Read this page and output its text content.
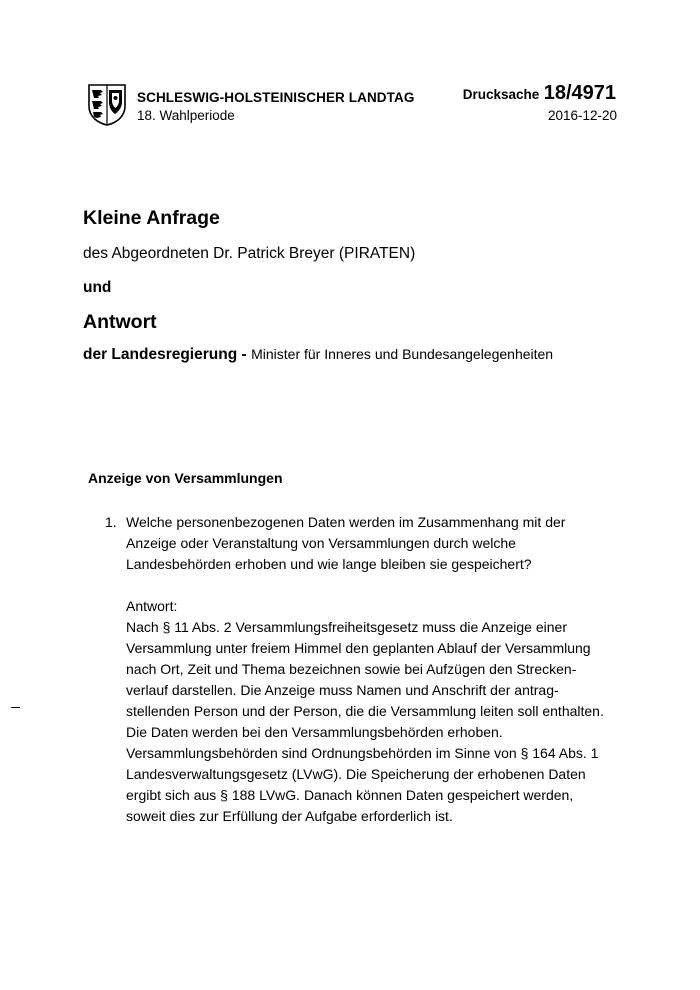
SCHLESWIG-HOLSTEINISCHER LANDTAG
18. Wahlperiode
Drucksache 18/4971
2016-12-20
Kleine Anfrage
des Abgeordneten Dr. Patrick Breyer (PIRATEN)
und
Antwort
der Landesregierung - Minister für Inneres und Bundesangelegenheiten
Anzeige von Versammlungen
1. Welche personenbezogenen Daten werden im Zusammenhang mit der
Anzeige oder Veranstaltung von Versammlungen durch welche
Landesbehörden erhoben und wie lange bleiben sie gespeichert?
Antwort:
Nach § 11 Abs. 2 Versammlungsfreiheitsgesetz muss die Anzeige einer
Versammlung unter freiem Himmel den geplanten Ablauf der Versammlung
nach Ort, Zeit und Thema bezeichnen sowie bei Aufzügen den Strecken-
verlauf darstellen. Die Anzeige muss Namen und Anschrift der antrag-
stellenden Person und der Person, die die Versammlung leiten soll enthalten.
Die Daten werden bei den Versammlungsbehörden erhoben.
Versammlungsbehörden sind Ordnungsbehörden im Sinne von § 164 Abs. 1
Landesverwaltungsgesetz (LVwG). Die Speicherung der erhobenen Daten
ergibt sich aus § 188 LVwG. Danach können Daten gespeichert werden,
soweit dies zur Erfüllung der Aufgabe erforderlich ist.
